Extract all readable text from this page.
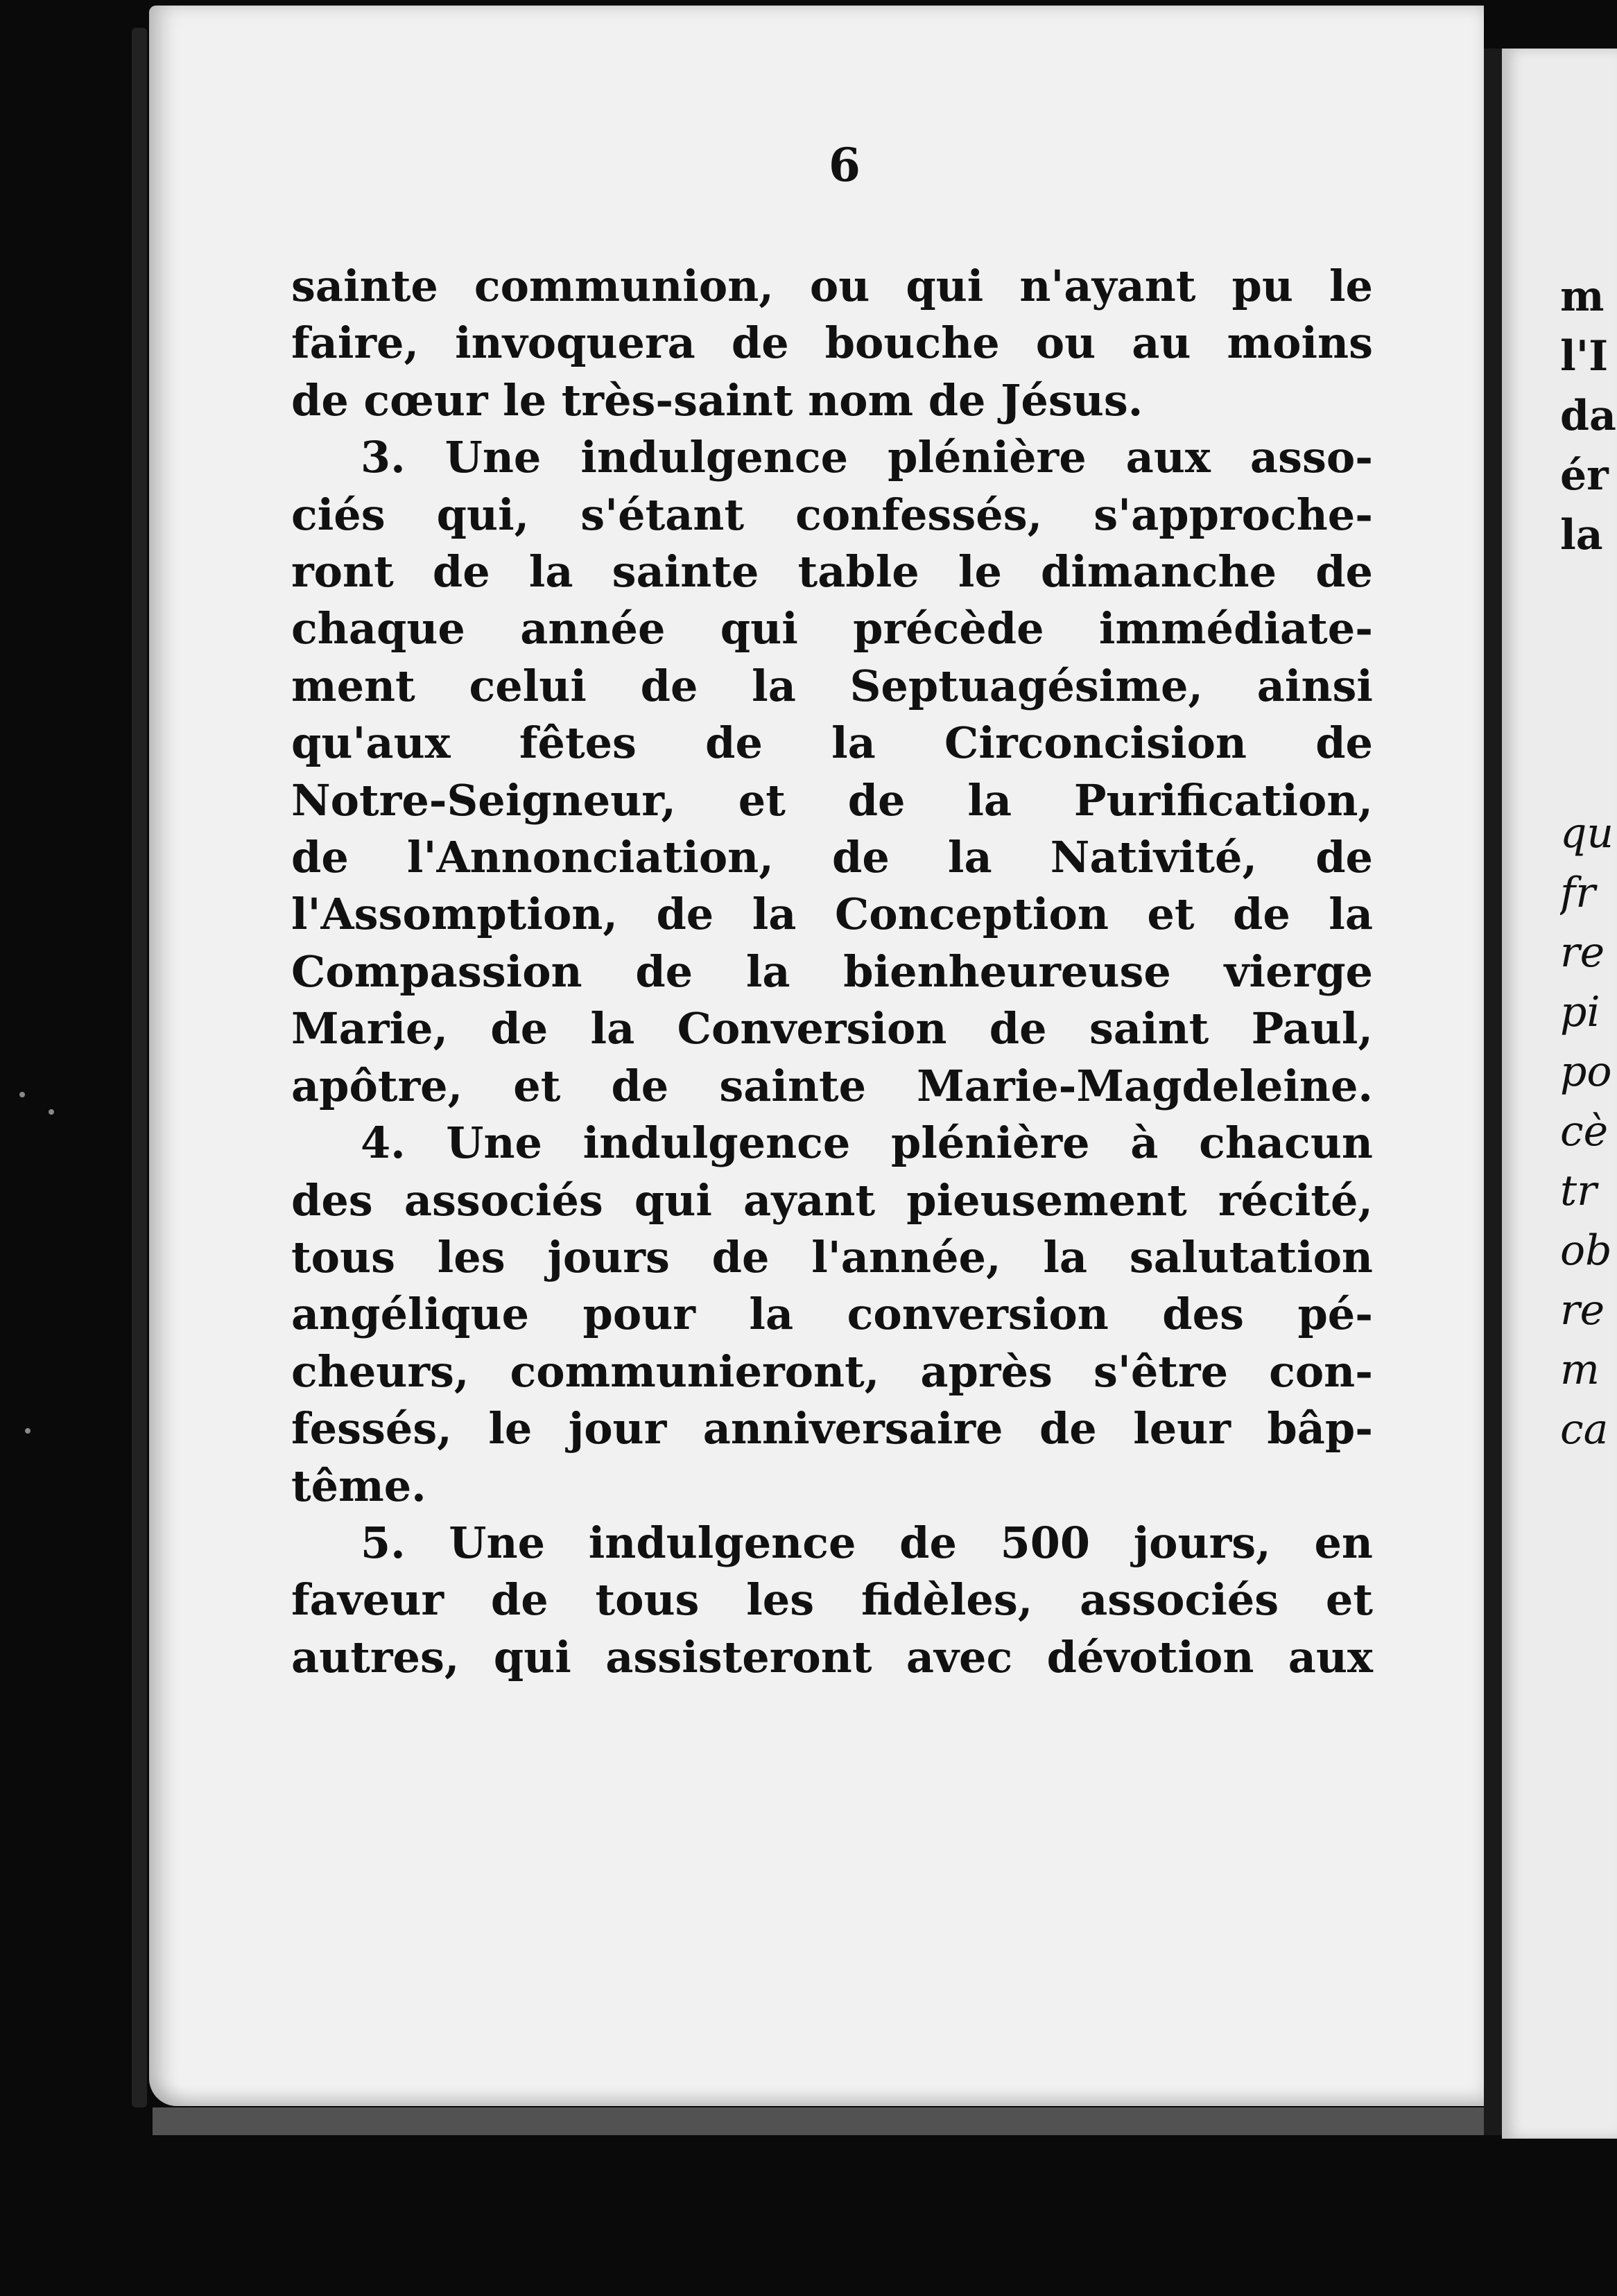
6
sainte communion, ou qui n'ayant pu le
faire, invoquera de bouche ou au moins
de cœur le très-saint nom de Jésus.
3. Une indulgence plénière aux asso-
ciés qui, s'étant confessés, s'approche-
ront de la sainte table le dimanche de
chaque année qui précède immédiate-
ment celui de la Septuagésime, ainsi
qu'aux fêtes de la Circoncision de
Notre-Seigneur, et de la Purification,
de l'Annonciation, de la Nativité, de
l'Assomption, de la Conception et de la
Compassion de la bienheureuse vierge
Marie, de la Conversion de saint Paul,
apôtre, et de sainte Marie-Magdeleine.
4. Une indulgence plénière à chacun
des associés qui ayant pieusement récité,
tous les jours de l'année, la salutation
angélique pour la conversion des pé-
cheurs, communieront, après s'être con-
fessés, le jour anniversaire de leur bâp-
tême.
5. Une indulgence de 500 jours, en
faveur de tous les fidèles, associés et
autres, qui assisteront avec dévotion aux
m
l'I
da
ér
la
qu
fr
re
pi
po
cè
tr
ob
re
m
ca
